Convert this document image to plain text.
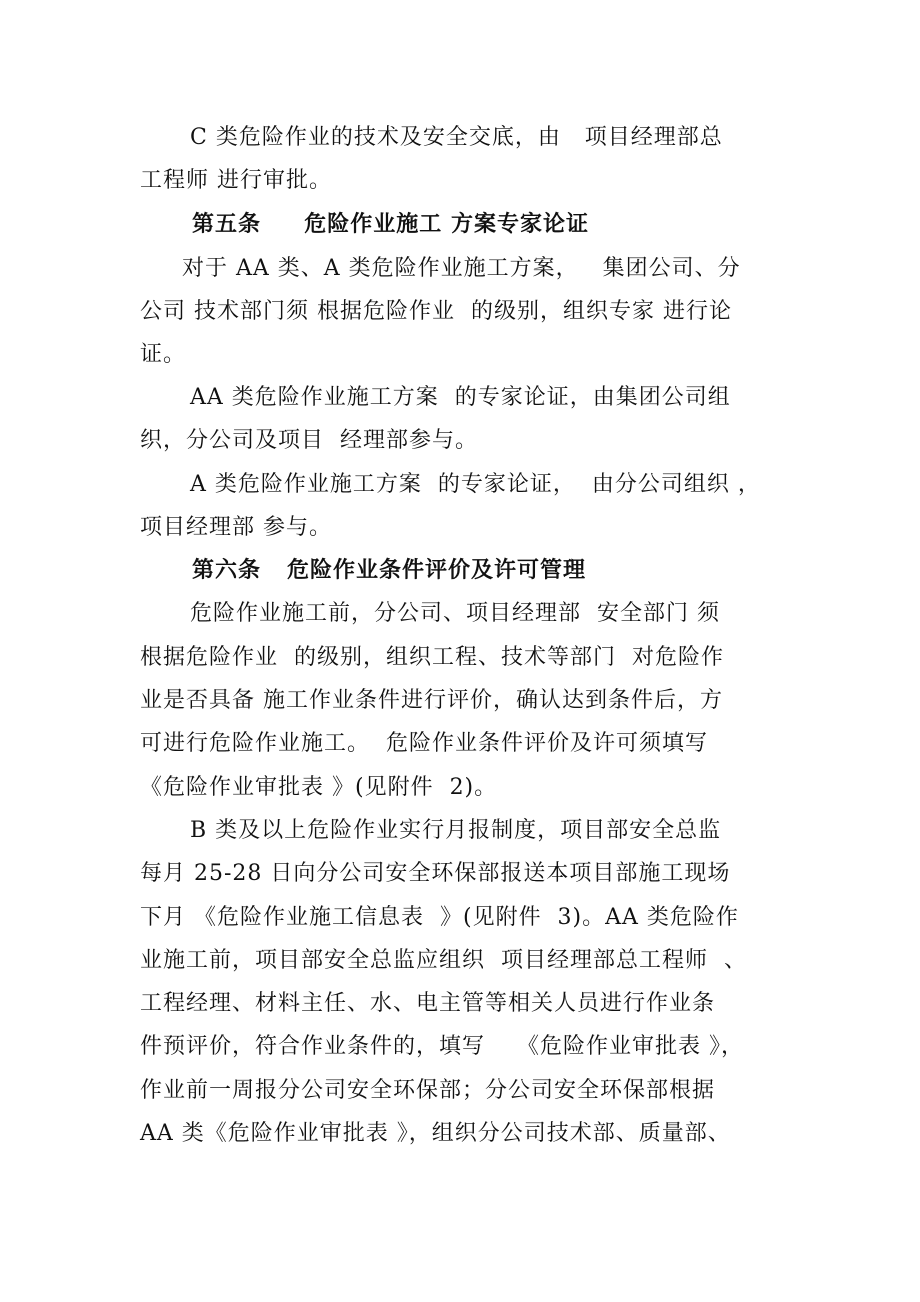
C 类危险作业的技术及安全交底，由   项目经理部总
工程师 进行审批。
第五条     危险作业施工 方案专家论证
对于 AA 类、A 类危险作业施工方案，   集团公司、分
公司 技术部门须 根据危险作业  的级别，组织专家 进行论
证。
AA 类危险作业施工方案  的专家论证，由集团公司组
织，分公司及项目  经理部参与。
A 类危险作业施工方案  的专家论证，  由分公司组织 ，
项目经理部 参与。
第六条   危险作业条件评价及许可管理
危险作业施工前，分公司、项目经理部  安全部门 须
根据危险作业  的级别，组织工程、技术等部门  对危险作
业是否具备 施工作业条件进行评价，确认达到条件后，方
可进行危险作业施工。  危险作业条件评价及许可须填写
《危险作业审批表 》(见附件  2)。
B 类及以上危险作业实行月报制度，项目部安全总监
每月 25-28 日向分公司安全环保部报送本项目部施工现场
下月 《危险作业施工信息表  》(见附件  3)。AA 类危险作
业施工前，项目部安全总监应组织  项目经理部总工程师  、
工程经理、材料主任、水、电主管等相关人员进行作业条
件预评价，符合作业条件的，填写    《危险作业审批表 》，
作业前一周报分公司安全环保部；分公司安全环保部根据
AA 类《危险作业审批表 》，组织分公司技术部、质量部、
